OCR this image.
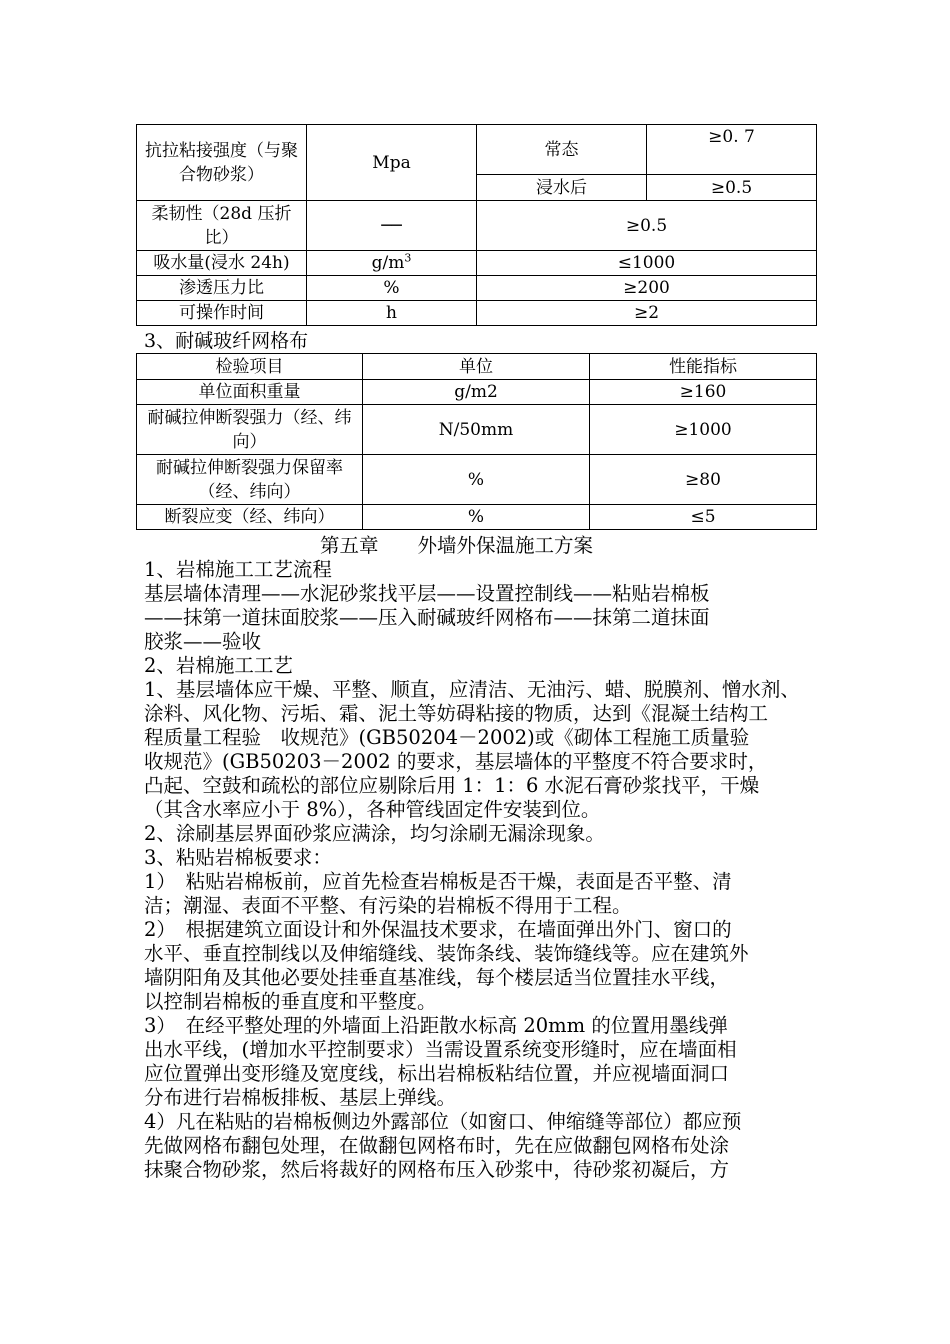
抗拉粘接强度（与聚合物砂浆）	Mpa	常态	≥0. 7
		浸水后	≥0.5
柔韧性（28d 压折比）	──	≥0.5	
吸水量(浸水 24h)	$g/m^3$	≤1000	
渗透压力比	%	≥200	
可操作时间	h	≥2	
3、耐碱玻纤网格布
检验项目	单位	性能指标
单位面积重量	g/m2	≥160
耐碱拉伸断裂强力（经、纬向）	N/50mm	≥1000
耐碱拉伸断裂强力保留率（经、纬向）	%	≥80
断裂应变（经、纬向）	%	≤5

第五章　　外墙外保温施工方案

1、岩棉施工工艺流程

基层墙体清理——水泥砂浆找平层——设置控制线——粘贴岩棉板

——抹第一道抹面胶浆——压入耐碱玻纤网格布——抹第二道抹面

胶浆——验收

2、岩棉施工工艺

1、基层墙体应干燥、平整、顺直，应清洁、无油污、蜡、脱膜剂、憎水剂、

涂料、风化物、污垢、霜、泥土等妨碍粘接的物质，达到《混凝土结构工

程质量工程验　收规范》(GB50204－2002)或《砌体工程施工质量验

收规范》(GB50203－2002 的要求，基层墙体的平整度不符合要求时，

凸起、空鼓和疏松的部位应剔除后用 1：1：6 水泥石膏砂浆找平，干燥

（其含水率应小于 8%），各种管线固定件安装到位。

2、涂刷基层界面砂浆应满涂，均匀涂刷无漏涂现象。

3、粘贴岩棉板要求：

1）　粘贴岩棉板前，应首先检查岩棉板是否干燥，表面是否平整、清

洁；潮湿、表面不平整、有污染的岩棉板不得用于工程。

2）　根据建筑立面设计和外保温技术要求，在墙面弹出外门、窗口的

水平、垂直控制线以及伸缩缝线、装饰条线、装饰缝线等。应在建筑外

墙阴阳角及其他必要处挂垂直基准线，每个楼层适当位置挂水平线，

以控制岩棉板的垂直度和平整度。

3）　在经平整处理的外墙面上沿距散水标高 20mm 的位置用墨线弹

出水平线，(增加水平控制要求）当需设置系统变形缝时，应在墙面相

应位置弹出变形缝及宽度线，标出岩棉板粘结位置，并应视墙面洞口

分布进行岩棉板排板、基层上弹线。

4）凡在粘贴的岩棉板侧边外露部位（如窗口、伸缩缝等部位）都应预

先做网格布翻包处理，在做翻包网格布时，先在应做翻包网格布处涂

抹聚合物砂浆，然后将裁好的网格布压入砂浆中，待砂浆初凝后，方
